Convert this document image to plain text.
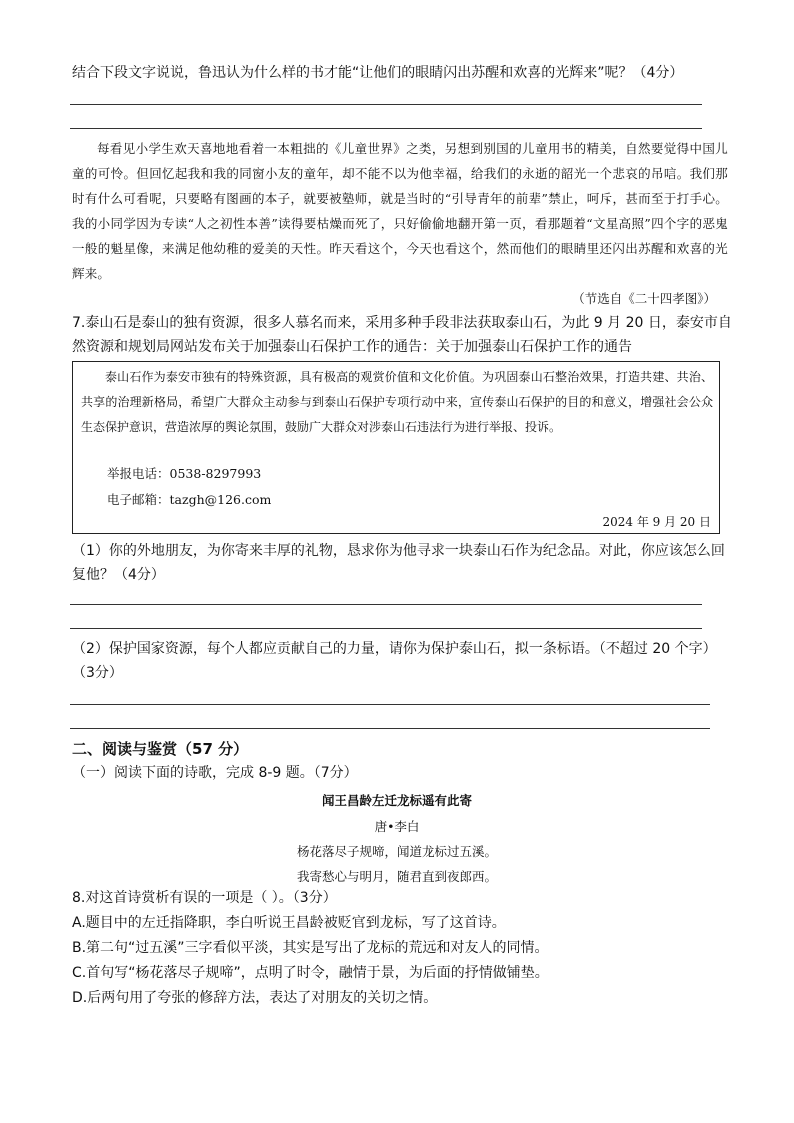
结合下段文字说说，鲁迅认为什么样的书才能“让他们的眼睛闪出苏醒和欢喜的光辉来”呢？（4分）
每看见小学生欢天喜地地看着一本粗拙的《儿童世界》之类，另想到别国的儿童用书的精美，自然要觉得中国儿童的可怜。但回忆起我和我的同窗小友的童年，却不能不以为他幸福，给我们的永逝的韶光一个悲哀的吊唁。我们那时有什么可看呢，只要略有图画的本子，就要被塾师，就是当时的“引导青年的前辈”禁止，呵斥，甚而至于打手心。我的小同学因为专读“人之初性本善”读得要枯燥而死了，只好偷偷地翻开第一页，看那题着“文星高照”四个字的恶鬼一般的魁星像，来满足他幼稚的爱美的天性。昨天看这个，今天也看这个，然而他们的眼睛里还闪出苏醒和欢喜的光辉来。
（节选自《二十四孝图》）
7.泰山石是泰山的独有资源，很多人慕名而来，采用多种手段非法获取泰山石，为此 9 月 20 日，泰安市自
然资源和规划局网站发布关于加强泰山石保护工作的通告：关于加强泰山石保护工作的通告
泰山石作为泰安市独有的特殊资源，具有极高的观赏价值和文化价值。为巩固泰山石整治效果，打造共建、共治、共享的治理新格局，希望广大群众主动参与到泰山石保护专项行动中来，宣传泰山石保护的目的和意义，增强社会公众生态保护意识，营造浓厚的舆论氛围，鼓励广大群众对涉泰山石违法行为进行举报、投诉。
举报电话：0538-8297993
电子邮箱：tazgh@126.com
2024 年 9 月 20 日
（1）你的外地朋友，为你寄来丰厚的礼物，恳求你为他寻求一块泰山石作为纪念品。对此，你应该怎么回
复他？（4分）
（2）保护国家资源，每个人都应贡献自己的力量，请你为保护泰山石，拟一条标语。（不超过 20 个字）
（3分）
二、阅读与鉴赏（57 分）
（一）阅读下面的诗歌，完成 8-9 题。（7分）
闻王昌龄左迁龙标遥有此寄
唐•李白
杨花落尽子规啼，闻道龙标过五溪。
我寄愁心与明月，随君直到夜郎西。
8.对这首诗赏析有误的一项是（ ）。（3分）
A.题目中的左迁指降职，李白听说王昌龄被贬官到龙标，写了这首诗。
B.第二句“过五溪”三字看似平淡，其实是写出了龙标的荒远和对友人的同情。
C.首句写“杨花落尽子规啼”，点明了时令，融情于景，为后面的抒情做铺垫。
D.后两句用了夸张的修辞方法，表达了对朋友的关切之情。
